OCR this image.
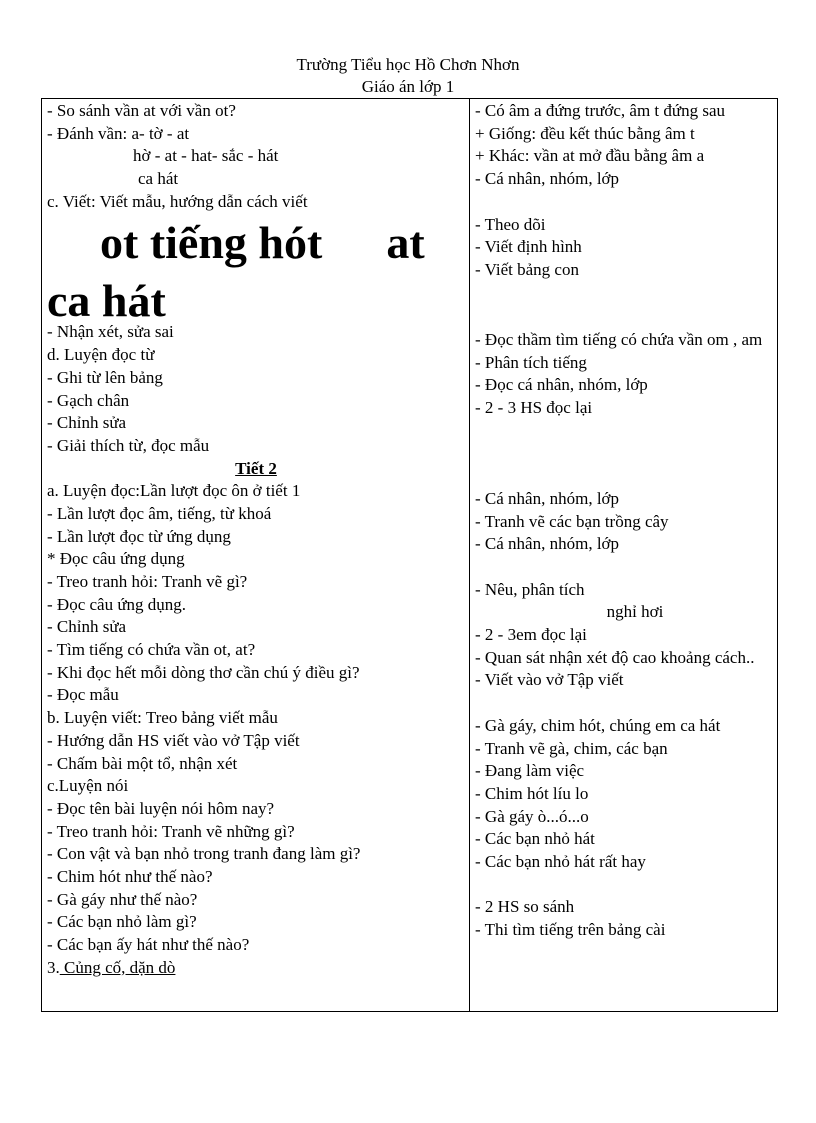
Trường Tiểu học Hồ Chơn Nhơn
Giáo án lớp 1
- So sánh vần at với vần ot?
- Đánh vần: a- tờ - at
hờ - at - hat- sắc - hát
ca hát
c. Viết: Viết mẫu, hướng dẫn cách viết
ot tiếng hót at
ca hát
- Nhận xét, sửa sai
d. Luyện đọc từ
- Ghi từ lên bảng
- Gạch chân
- Chỉnh sửa
- Giải thích từ, đọc mẫu
Tiết 2
a. Luyện đọc:Lần lượt đọc ôn ở tiết 1
- Lần lượt đọc âm, tiếng, từ khoá
- Lần lượt đọc từ ứng dụng
* Đọc câu ứng dụng
- Treo tranh hỏi: Tranh vẽ gì?
- Đọc câu ứng dụng.
- Chỉnh sửa
- Tìm tiếng có chứa vần ot, at?
- Khi đọc hết mỗi dòng thơ cần chú ý điều gì?
- Đọc mẫu
b. Luyện viết: Treo bảng viết mẫu
- Hướng dẫn HS viết vào vở Tập viết
- Chấm bài một tổ, nhận xét
c.Luyện nói
- Đọc tên bài luyện nói hôm nay?
- Treo tranh hỏi: Tranh vẽ những gì?
- Con vật và bạn nhỏ trong tranh đang làm gì?
- Chim hót như thế nào?
- Gà gáy như thế nào?
- Các bạn nhỏ làm gì?
- Các bạn ấy hát như thế nào?
3. Củng cố, dặn dò
- Có âm a đứng trước, âm t đứng sau
+ Giống: đều kết thúc bằng âm t
+ Khác: vần at mở đầu bằng âm a
- Cá nhân, nhóm, lớp
- Theo dõi
- Viết định hình
- Viết bảng con
- Đọc thầm tìm tiếng có chứa vần om , am
- Phân tích tiếng
- Đọc cá nhân, nhóm, lớp
- 2 - 3 HS đọc lại
- Cá nhân, nhóm, lớp
- Tranh vẽ các bạn trồng cây
- Cá nhân, nhóm, lớp
- Nêu, phân tích
nghỉ hơi
- 2 - 3em đọc lại
- Quan sát nhận xét độ cao khoảng cách..
- Viết vào vở Tập viết
- Gà gáy, chim hót, chúng em ca hát
- Tranh vẽ gà, chim, các bạn
- Đang làm việc
- Chim hót líu lo
- Gà gáy ò...ó...o
- Các bạn nhỏ hát
- Các bạn nhỏ hát rất hay
- 2 HS so sánh
- Thi tìm tiếng trên bảng cài
